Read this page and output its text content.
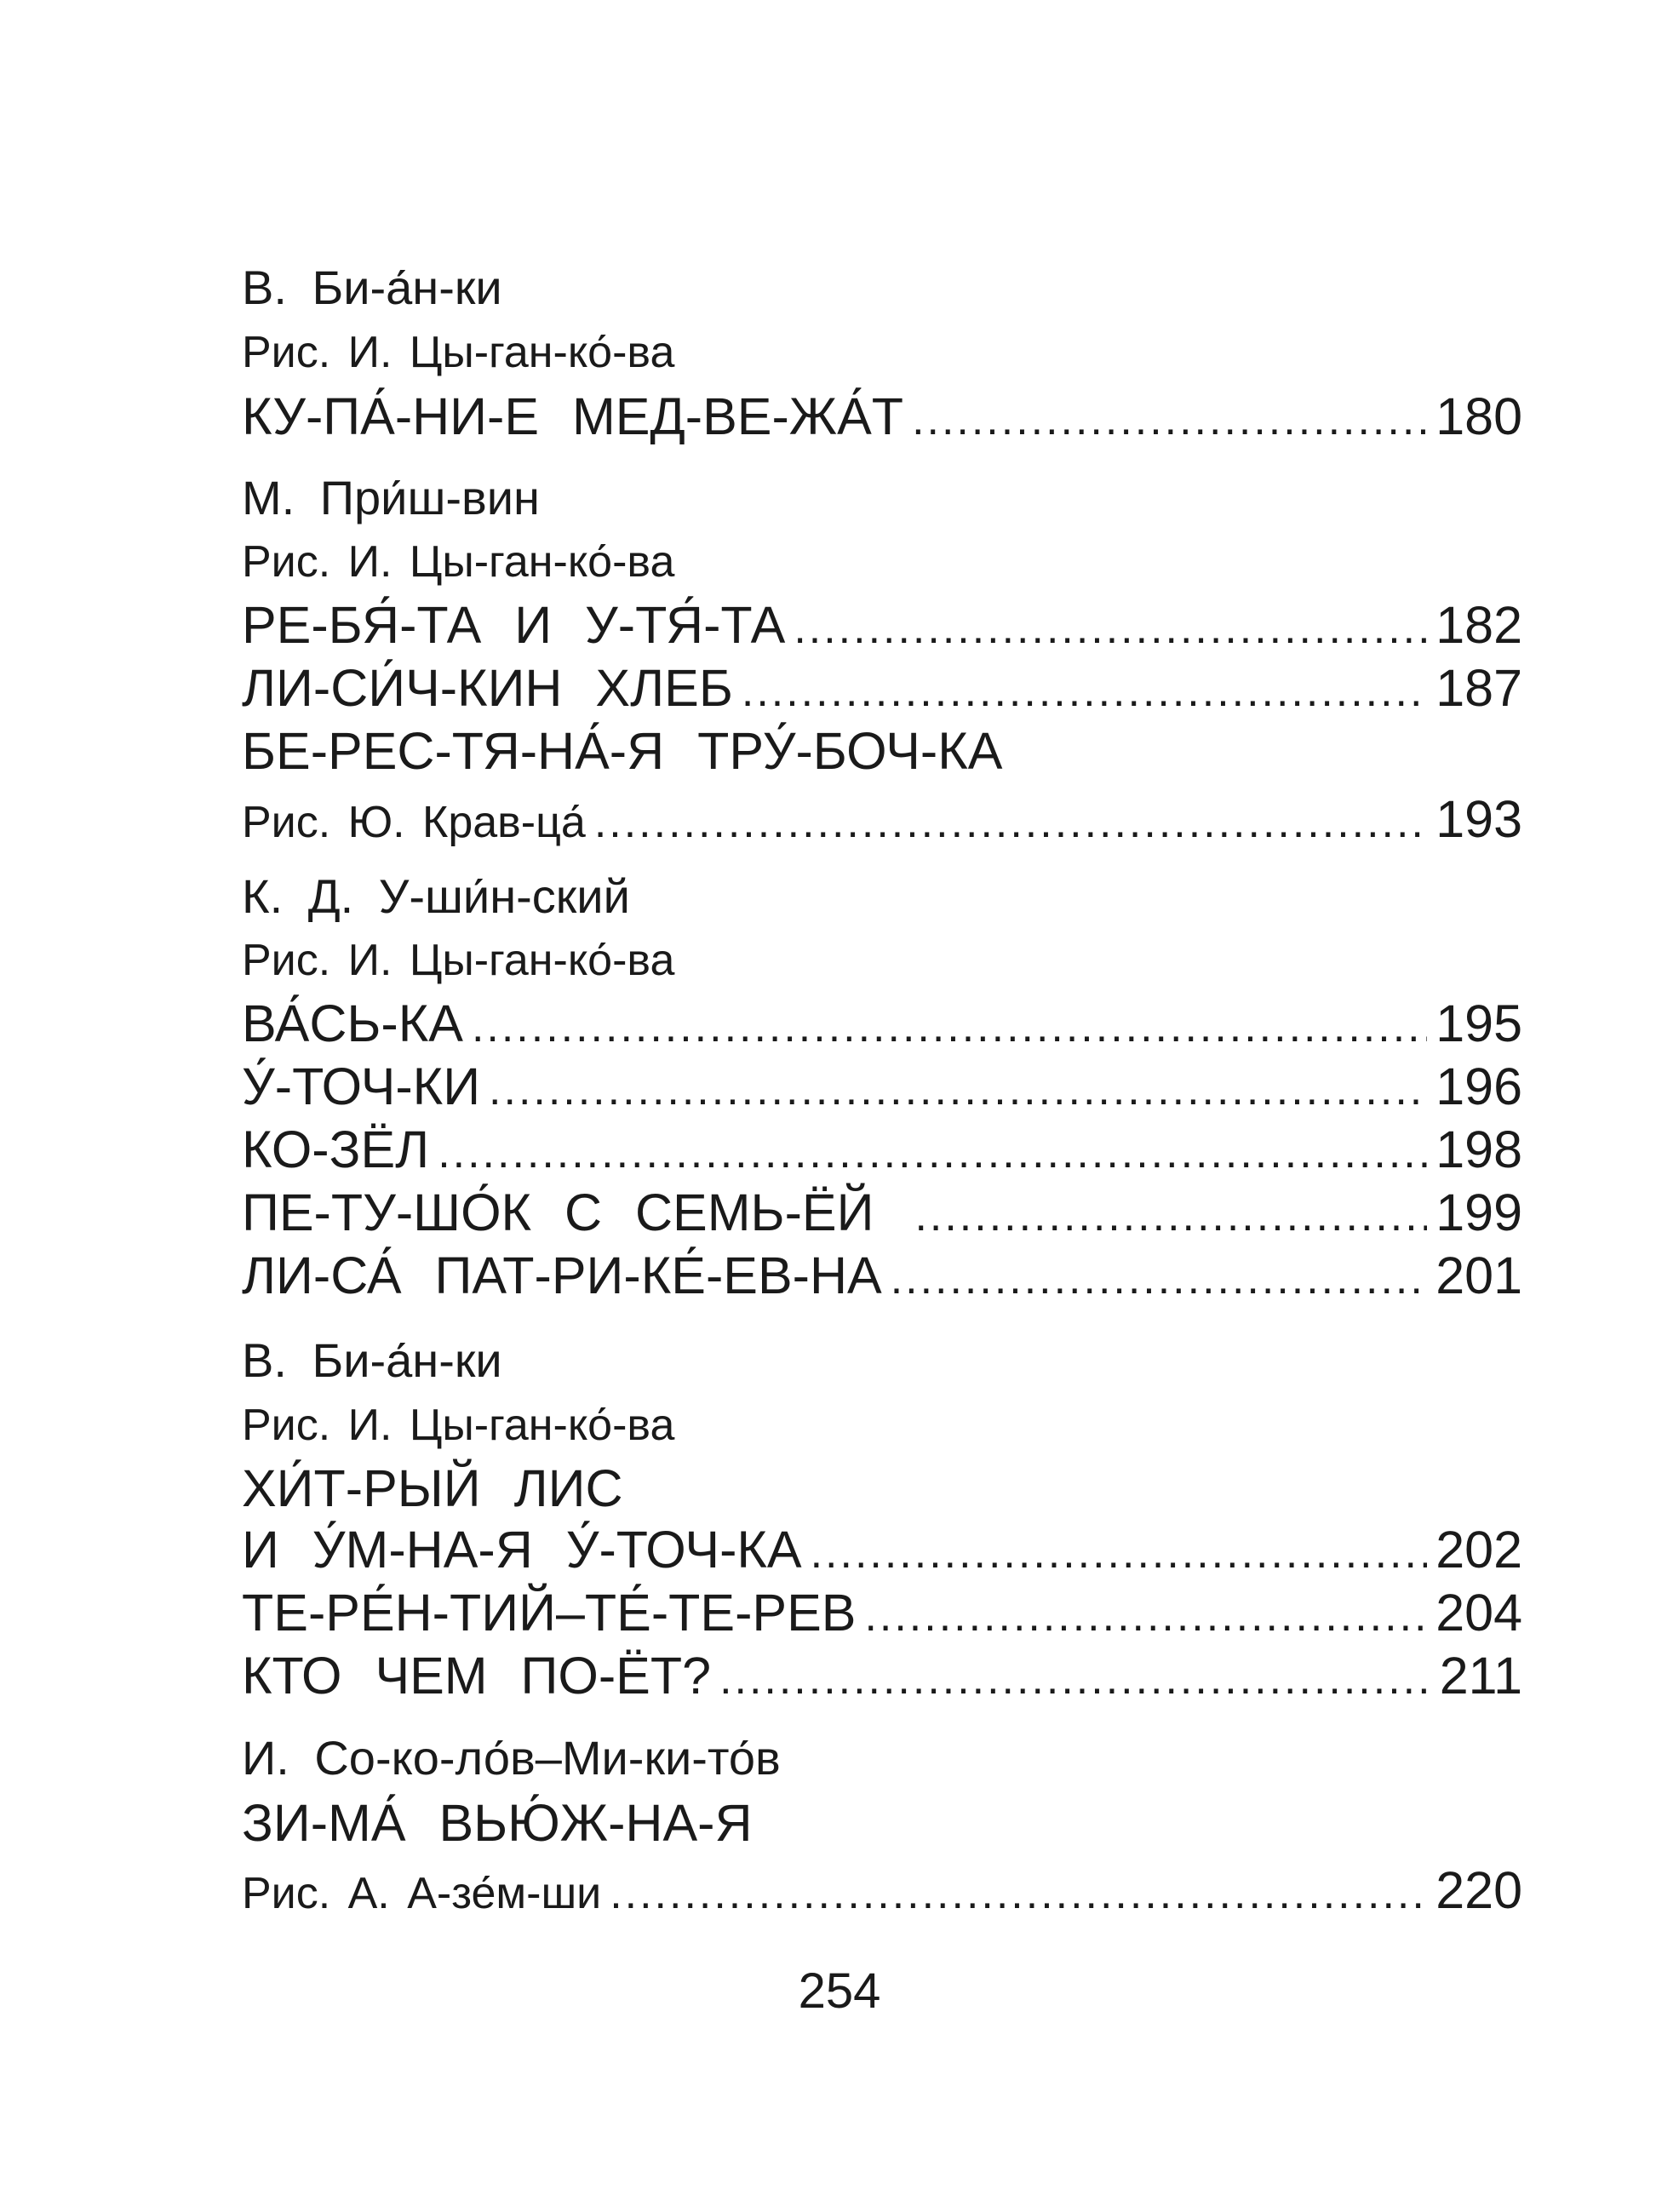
В. Би-а́н-ки
Рис. И. Цы-ган-ко́-ва
КУ-ПА́-НИ-Е МЕД-ВЕ-ЖА́Т .....	180
М. При́ш-вин
Рис. И. Цы-ган-ко́-ва
РЕ-БЯ́-ТА И У-ТЯ́-ТА .....	182
ЛИ-СИ́Ч-КИН ХЛЕБ .....	187
БЕ-РЕС-ТЯ-НА́-Я ТРУ́-БОЧ-КА
Рис. Ю. Крав-ца́ .....	193
К. Д. У-ши́н-ский
Рис. И. Цы-ган-ко́-ва
ВА́СЬ-КА .....	195
У́-ТОЧ-КИ .....	196
КО-ЗЁЛ .....	198
ПЕ-ТУ-ШО́К С СЕМЬ-ЁЙ .....	199
ЛИ-СА́ ПАТ-РИ-КЕ́-ЕВ-НА .....	201
В. Би-а́н-ки
Рис. И. Цы-ган-ко́-ва
ХИ́Т-РЫЙ ЛИС
И У́М-НА-Я У́-ТОЧ-КА .....	202
ТЕ-РЕ́Н-ТИЙ–ТЕ́-ТЕ-РЕВ .....	204
КТО ЧЕМ ПО-ЁТ? .....	211
И. Со-ко-ло́в–Ми-ки-то́в
ЗИ-МА́ ВЬЮ́Ж-НА-Я
Рис. А. А-зе́м-ши .....	220
254
